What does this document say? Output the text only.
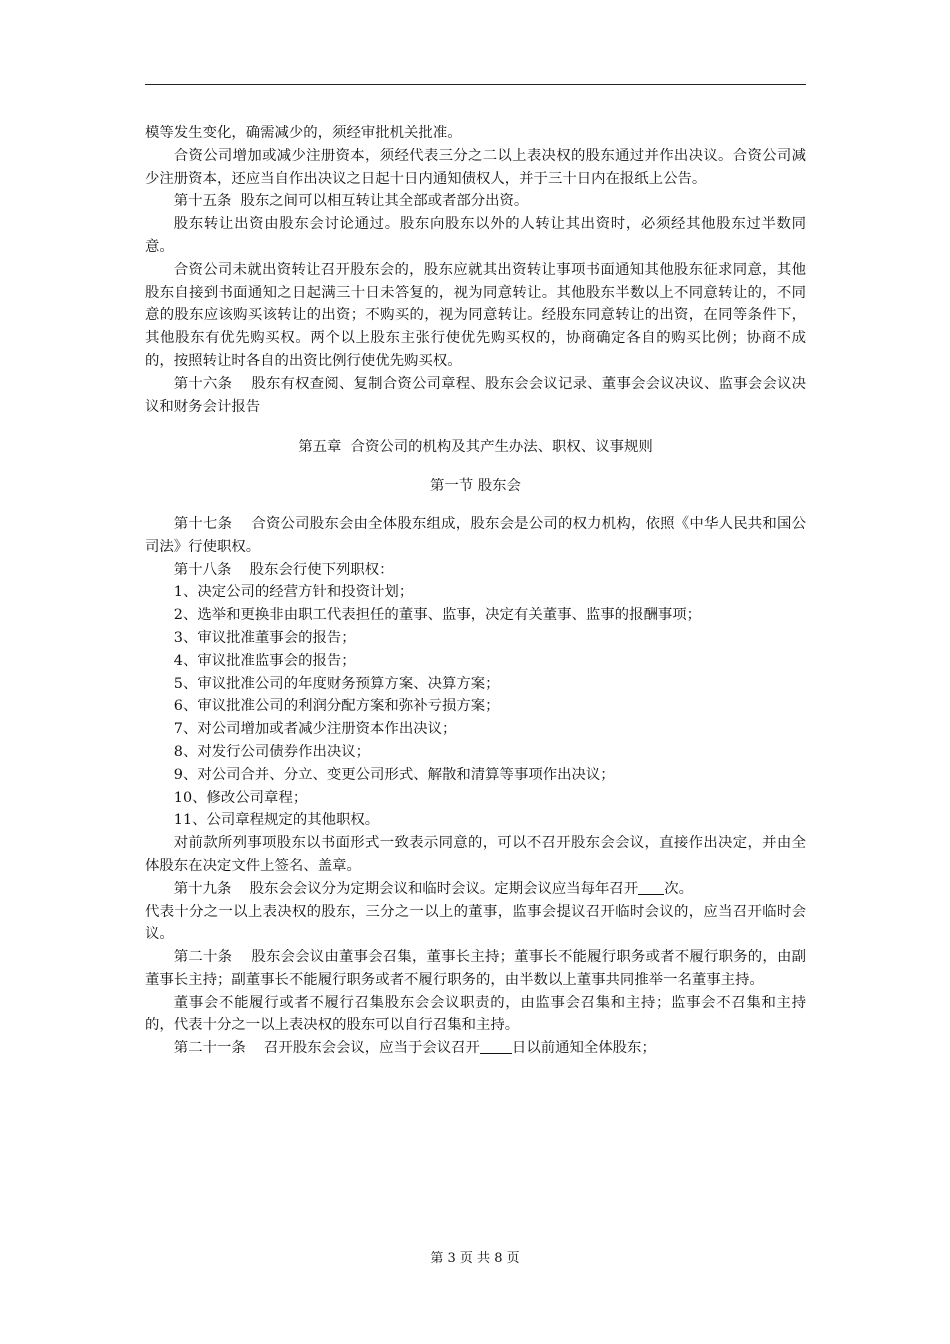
模等发生变化，确需减少的，须经审批机关批准。

合资公司增加或减少注册资本，须经代表三分之二以上表决权的股东通过并作出决议。合资公司减少注册资本，还应当自作出决议之日起十日内通知债权人，并于三十日内在报纸上公告。

第十五条  股东之间可以相互转让其全部或者部分出资。

股东转让出资由股东会讨论通过。股东向股东以外的人转让其出资时，必须经其他股东过半数同意。

合资公司未就出资转让召开股东会的，股东应就其出资转让事项书面通知其他股东征求同意，其他股东自接到书面通知之日起满三十日未答复的，视为同意转让。其他股东半数以上不同意转让的，不同意的股东应该购买该转让的出资；不购买的，视为同意转让。经股东同意转让的出资，在同等条件下，其他股东有优先购买权。两个以上股东主张行使优先购买权的，协商确定各自的购买比例；协商不成的，按照转让时各自的出资比例行使优先购买权。

第十六条    股东有权查阅、复制合资公司章程、股东会会议记录、董事会会议决议、监事会会议决议和财务会计报告

第五章  合资公司的机构及其产生办法、职权、议事规则

第一节 股东会

第十七条    合资公司股东会由全体股东组成，股东会是公司的权力机构，依照《中华人民共和国公司法》行使职权。

第十八条    股东会行使下列职权：

1、决定公司的经营方针和投资计划；

2、选举和更换非由职工代表担任的董事、监事，决定有关董事、监事的报酬事项；

3、审议批准董事会的报告；

4、审议批准监事会的报告；

5、审议批准公司的年度财务预算方案、决算方案；

6、审议批准公司的利润分配方案和弥补亏损方案；

7、对公司增加或者减少注册资本作出决议；

8、对发行公司债券作出决议；

9、对公司合并、分立、变更公司形式、解散和清算等事项作出决议；

10、修改公司章程；

11、公司章程规定的其他职权。

对前款所列事项股东以书面形式一致表示同意的，可以不召开股东会会议，直接作出决定，并由全体股东在决定文件上签名、盖章。

第十九条    股东会会议分为定期会议和临时会议。定期会议应当每年召开 次。

代表十分之一以上表决权的股东，三分之一以上的董事，监事会提议召开临时会议的，应当召开临时会议。

第二十条    股东会会议由董事会召集，董事长主持；董事长不能履行职务或者不履行职务的，由副董事长主持；副董事长不能履行职务或者不履行职务的，由半数以上董事共同推举一名董事主持。

董事会不能履行或者不履行召集股东会会议职责的，由监事会召集和主持；监事会不召集和主持的，代表十分之一以上表决权的股东可以自行召集和主持。

第二十一条    召开股东会会议，应当于会议召开 日以前通知全体股东；

第 3 页 共 8 页
